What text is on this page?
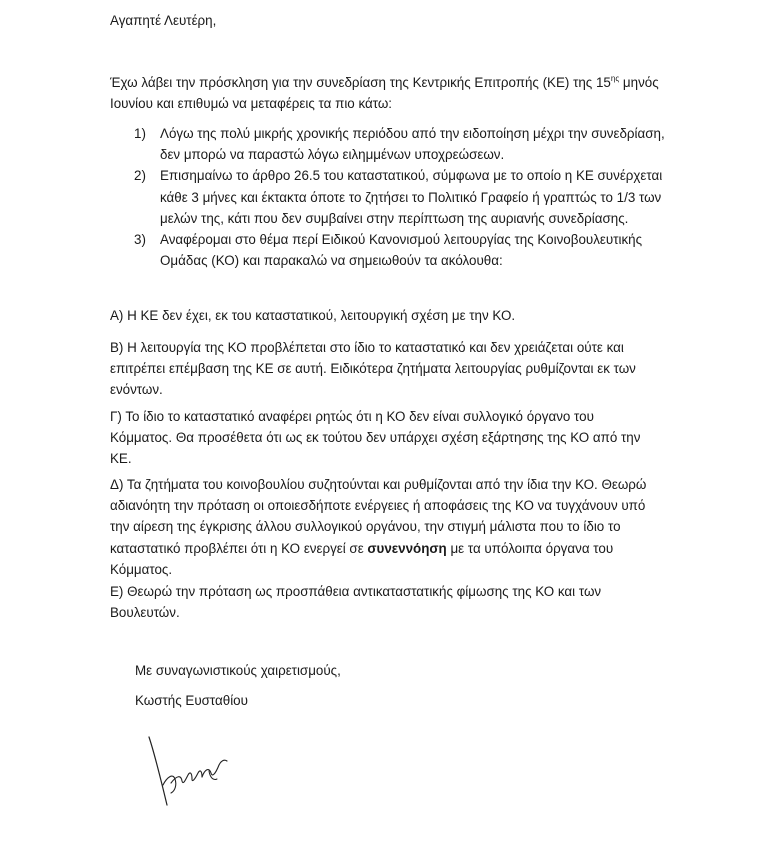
Αγαπητέ Λευτέρη,

Έχω λάβει την πρόσκληση για την συνεδρίαση της Κεντρικής Επιτροπής (ΚΕ) της $15^{\eta\varsigma}$ μηνός Ιουνίου και επιθυμώ να μεταφέρεις τα πιο κάτω:

1) Λόγω της πολύ μικρής χρονικής περιόδου από την ειδοποίηση μέχρι την συνεδρίαση, δεν μπορώ να παραστώ λόγω ειλημμένων υποχρεώσεων.
2) Επισημαίνω το άρθρο 26.5 του καταστατικού, σύμφωνα με το οποίο η ΚΕ συνέρχεται κάθε 3 μήνες και έκτακτα όποτε το ζητήσει το Πολιτικό Γραφείο ή γραπτώς το 1/3 των μελών της, κάτι που δεν συμβαίνει στην περίπτωση της αυριανής συνεδρίασης.
3) Αναφέρομαι στο θέμα περί Ειδικού Κανονισμού λειτουργίας της Κοινοβουλευτικής Ομάδας (ΚΟ) και παρακαλώ να σημειωθούν τα ακόλουθα:

Α) Η ΚΕ δεν έχει, εκ του καταστατικού, λειτουργική σχέση με την ΚΟ.

Β) Η λειτουργία της ΚΟ προβλέπεται στο ίδιο το καταστατικό και δεν χρειάζεται ούτε και επιτρέπει επέμβαση της ΚΕ σε αυτή. Ειδικότερα ζητήματα λειτουργίας ρυθμίζονται εκ των ενόντων.

Γ) Το ίδιο το καταστατικό αναφέρει ρητώς ότι η ΚΟ δεν είναι συλλογικό όργανο του Κόμματος. Θα προσέθετα ότι ως εκ τούτου δεν υπάρχει σχέση εξάρτησης της ΚΟ από την ΚΕ.

Δ) Τα ζητήματα του κοινοβουλίου συζητούνται και ρυθμίζονται από την ίδια την ΚΟ. Θεωρώ αδιανόητη την πρόταση οι οποιεσδήποτε ενέργειες ή αποφάσεις της ΚΟ να τυγχάνουν υπό την αίρεση της έγκρισης άλλου συλλογικού οργάνου, την στιγμή μάλιστα που το ίδιο το καταστατικό προβλέπει ότι η ΚΟ ενεργεί σε συνεννόηση με τα υπόλοιπα όργανα του Κόμματος.

Ε) Θεωρώ την πρόταση ως προσπάθεια αντικαταστατικής φίμωσης της ΚΟ και των Βουλευτών.

Με συναγωνιστικούς χαιρετισμούς,
Κωστής Ευσταθίου
